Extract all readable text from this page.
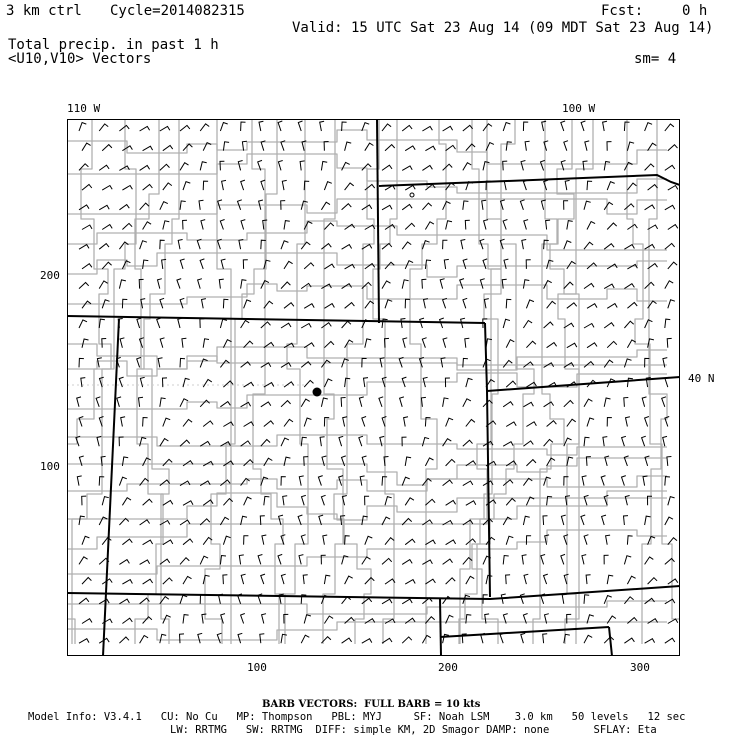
3 km ctrl Cycle=2014082315	Fcst:	0 h
Valid: 15 UTC Sat 23 Aug 14 (09 MDT Sat 23 Aug 14)
Total precip. in past 1 h
<U10,V10> Vectors	sm= 4
110 W	100 W
40 N
200
100
100	200	300
BARB VECTORS:  FULL BARB = 10 kts
Model Info: V3.4.1   CU: No Cu   MP: Thompson   PBL: MYJ     SF: Noah LSM    3.0 km   50 levels   12 sec
LW: RRTMG   SW: RRTMG  DIFF: simple KM, 2D Smagor DAMP: none       SFLAY: Eta
